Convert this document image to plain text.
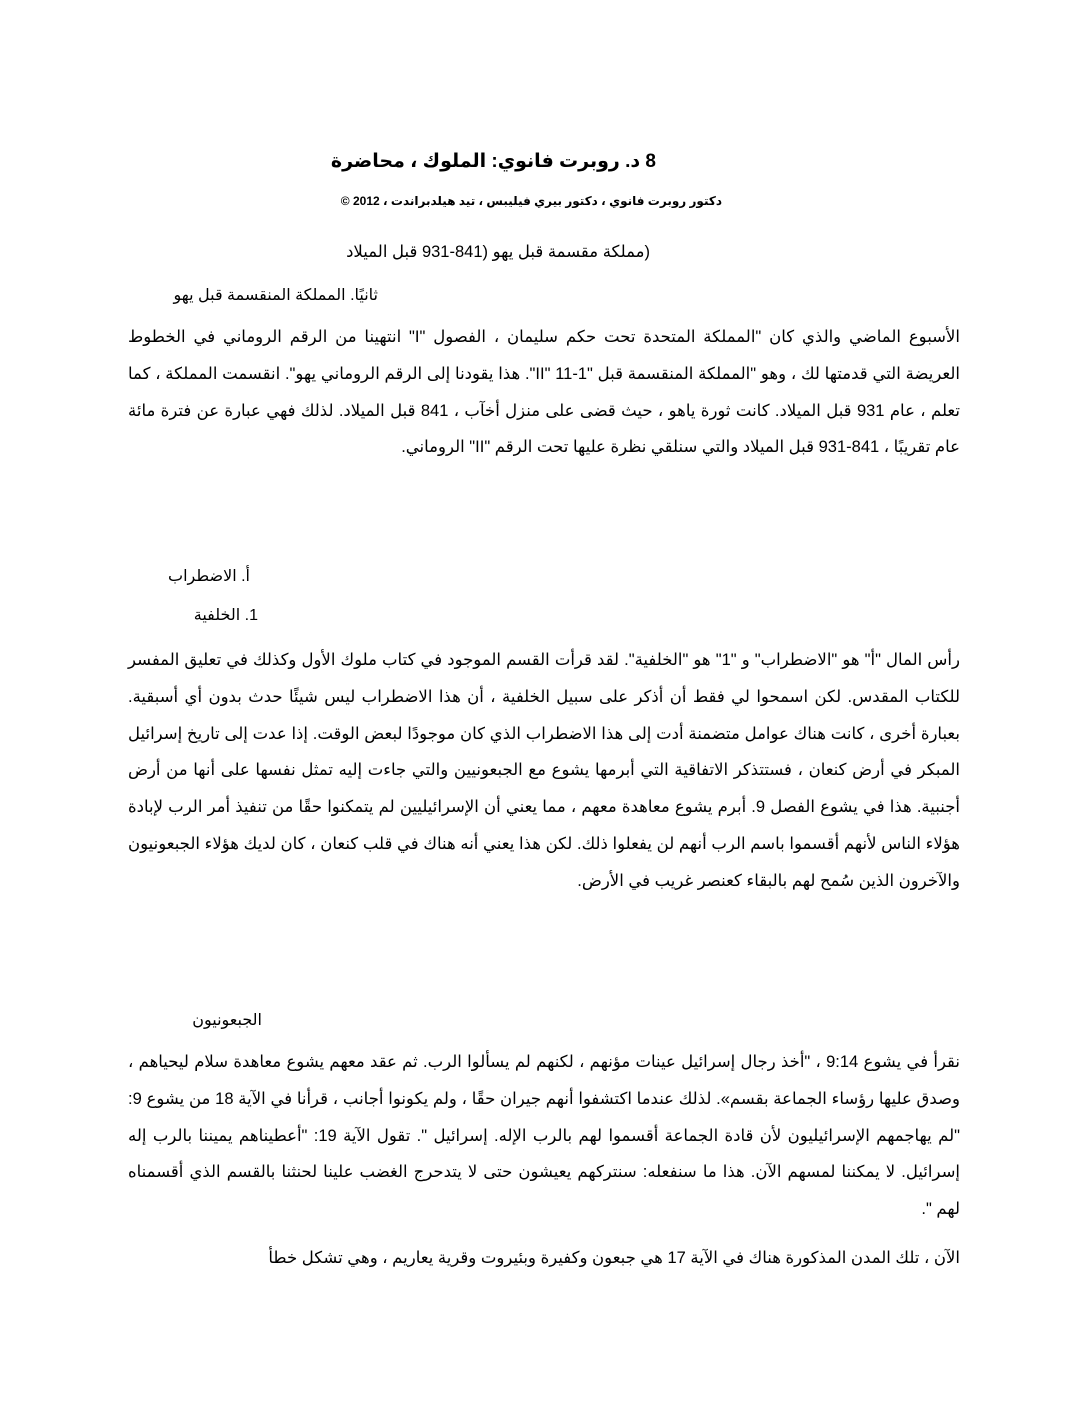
8 د. روبرت فانوي: الملوك ، محاضرة
دكتور روبرت فانوي ، دكتور بيري فيليبس ، تيد هيلدبراندت ، 2012 ©
(مملكة مقسمة قبل يهو (841-931 قبل الميلاد
ثانيًا. المملكة المنقسمة قبل يهو

الأسبوع الماضي والذي كان "المملكة المتحدة تحت حكم سليمان ، الفصول "I" انتهينا من الرقم الروماني في الخطوط العريضة التي قدمتها لك ، وهو "المملكة المنقسمة قبل "II" 11-1". هذا يقودنا إلى الرقم الروماني يهو". انقسمت المملكة ، كما تعلم ، عام 931 قبل الميلاد. كانت ثورة ياهو ، حيث قضى على منزل أخآب ، 841 قبل الميلاد. لذلك فهي عبارة عن فترة مائة عام تقريبًا ، 841-931 قبل الميلاد والتي سنلقي نظرة عليها تحت الرقم "II" الروماني.

أ. الاضطراب
1. الخلفية

رأس المال "أ" هو "الاضطراب" و "1" هو "الخلفية". لقد قرأت القسم الموجود في كتاب ملوك الأول وكذلك في تعليق المفسر للكتاب المقدس. لكن اسمحوا لي فقط أن أذكر على سبيل الخلفية ، أن هذا الاضطراب ليس شيئًا حدث بدون أي أسبقية. بعبارة أخرى ، كانت هناك عوامل متضمنة أدت إلى هذا الاضطراب الذي كان موجودًا لبعض الوقت. إذا عدت إلى تاريخ إسرائيل المبكر في أرض كنعان ، فستتذكر الاتفاقية التي أبرمها يشوع مع الجبعونيين والتي جاءت إليه تمثل نفسها على أنها من أرض أجنبية. هذا في يشوع الفصل 9. أبرم يشوع معاهدة معهم ، مما يعني أن الإسرائيليين لم يتمكنوا حقًا من تنفيذ أمر الرب لإبادة هؤلاء الناس لأنهم أقسموا باسم الرب أنهم لن يفعلوا ذلك. لكن هذا يعني أنه هناك في قلب كنعان ، كان لديك هؤلاء الجبعونيون والآخرون الذين سُمح لهم بالبقاء كعنصر غريب في الأرض.

الجبعونيون

نقرأ في يشوع 9:14 ، "أخذ رجال إسرائيل عينات مؤنهم ، لكنهم لم يسألوا الرب. ثم عقد معهم يشوع معاهدة سلام ليحياهم ، وصدق عليها رؤساء الجماعة بقسم». لذلك عندما اكتشفوا أنهم جيران حقًا ، ولم يكونوا أجانب ، قرأنا في الآية 18 من يشوع 9: "لم يهاجمهم الإسرائيليون لأن قادة الجماعة أقسموا لهم بالرب الإله. إسرائيل ". تقول الآية 19: "أعطيناهم يميننا بالرب إله إسرائيل. لا يمكننا لمسهم الآن. هذا ما سنفعله: سنتركهم يعيشون حتى لا يتدحرج الغضب علينا لحنثنا بالقسم الذي أقسمناه لهم ".

الآن ، تلك المدن المذكورة هناك في الآية 17 هي جبعون وكفيرة وبئيروت وقرية يعاريم ، وهي تشكل خطأ
